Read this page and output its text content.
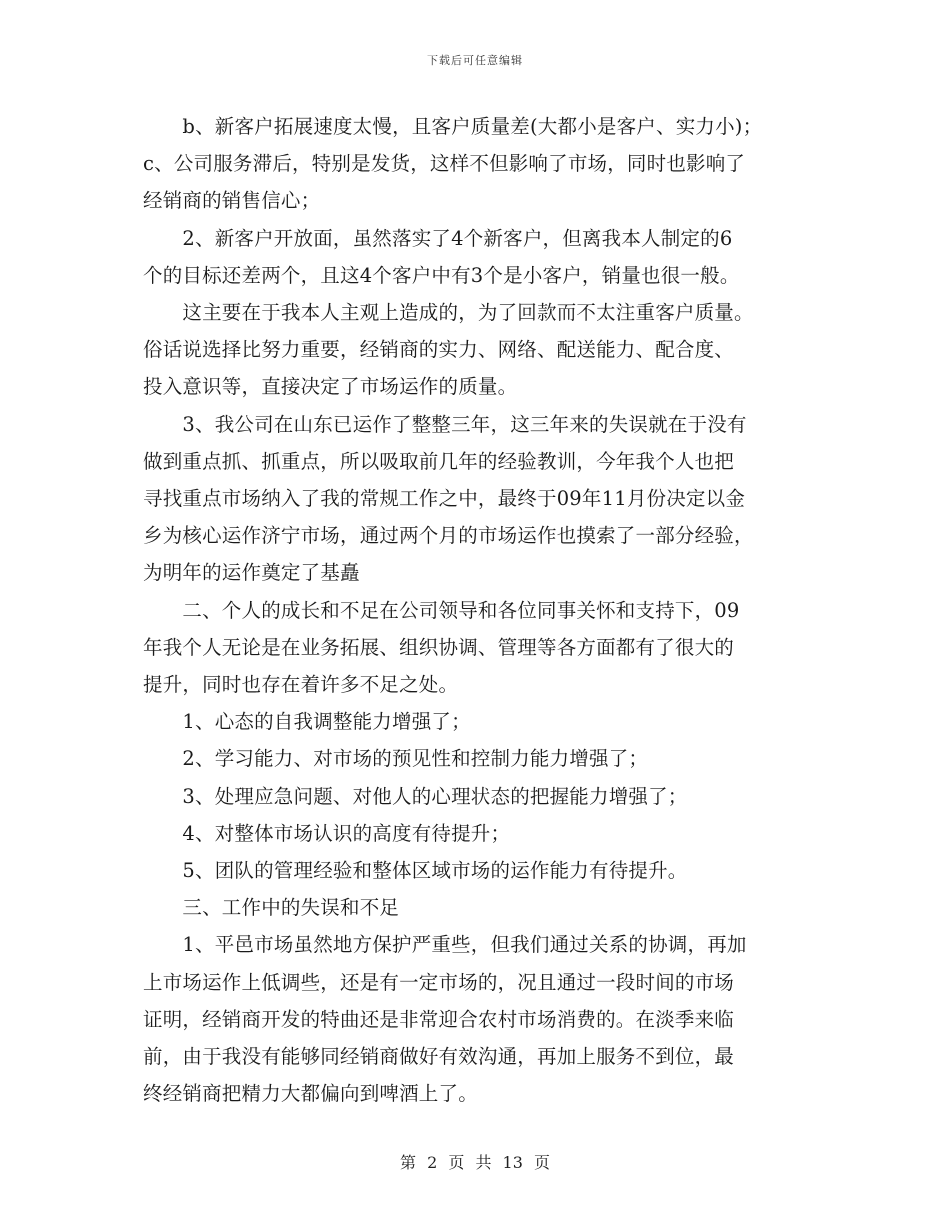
下载后可任意编辑

　　b、新客户拓展速度太慢，且客户质量差(大都小是客户、实力小)；

c、公司服务滞后，特别是发货，这样不但影响了市场，同时也影响了

经销商的销售信心；

　　2、新客户开放面，虽然落实了4个新客户，但离我本人制定的6

个的目标还差两个，且这4个客户中有3个是小客户，销量也很一般。

　　这主要在于我本人主观上造成的，为了回款而不太注重客户质量。

俗话说选择比努力重要，经销商的实力、网络、配送能力、配合度、

投入意识等，直接决定了市场运作的质量。

　　3、我公司在山东已运作了整整三年，这三年来的失误就在于没有

做到重点抓、抓重点，所以吸取前几年的经验教训，今年我个人也把

寻找重点市场纳入了我的常规工作之中，最终于09年11月份决定以金

乡为核心运作济宁市场，通过两个月的市场运作也摸索了一部分经验，

为明年的运作奠定了基矗

　　二、个人的成长和不足在公司领导和各位同事关怀和支持下，09

年我个人无论是在业务拓展、组织协调、管理等各方面都有了很大的

提升，同时也存在着许多不足之处。

　　1、心态的自我调整能力增强了；

　　2、学习能力、对市场的预见性和控制力能力增强了；

　　3、处理应急问题、对他人的心理状态的把握能力增强了；

　　4、对整体市场认识的高度有待提升；

　　5、团队的管理经验和整体区域市场的运作能力有待提升。

　　三、工作中的失误和不足

　　1、平邑市场虽然地方保护严重些，但我们通过关系的协调，再加

上市场运作上低调些，还是有一定市场的，况且通过一段时间的市场

证明，经销商开发的特曲还是非常迎合农村市场消费的。在淡季来临

前，由于我没有能够同经销商做好有效沟通，再加上服务不到位，最

终经销商把精力大都偏向到啤酒上了。

第 2 页 共 13 页
